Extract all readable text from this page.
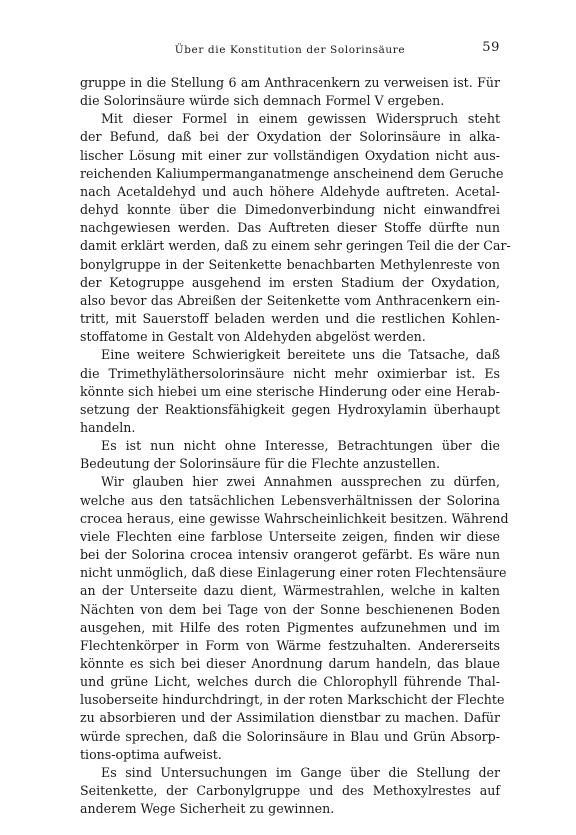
Über die Konstitution der Solorinsäure	59
gruppe in die Stellung 6 am Anthracenkern zu verweisen ist. Für
die Solorinsäure würde sich demnach Formel V ergeben.
Mit dieser Formel in einem gewissen Widerspruch steht
der Befund, daß bei der Oxydation der Solorinsäure in alka-
lischer Lösung mit einer zur vollständigen Oxydation nicht aus-
reichenden Kaliumpermanganatmenge anscheinend dem Geruche
nach Acetaldehyd und auch höhere Aldehyde auftreten. Acetal-
dehyd konnte über die Dimedonverbindung nicht einwandfrei
nachgewiesen werden. Das Auftreten dieser Stoffe dürfte nun
damit erklärt werden, daß zu einem sehr geringen Teil die der Car-
bonylgruppe in der Seitenkette benachbarten Methylenreste von
der Ketogruppe ausgehend im ersten Stadium der Oxydation,
also bevor das Abreißen der Seitenkette vom Anthracenkern ein-
tritt, mit Sauerstoff beladen werden und die restlichen Kohlen-
stoffatome in Gestalt von Aldehyden abgelöst werden.
Eine weitere Schwierigkeit bereitete uns die Tatsache, daß
die Trimethyläthersolorinsäure nicht mehr oximierbar ist. Es
könnte sich hiebei um eine sterische Hinderung oder eine Herab-
setzung der Reaktionsfähigkeit gegen Hydroxylamin überhaupt
handeln.
Es ist nun nicht ohne Interesse, Betrachtungen über die
Bedeutung der Solorinsäure für die Flechte anzustellen.
Wir glauben hier zwei Annahmen aussprechen zu dürfen,
welche aus den tatsächlichen Lebensverhältnissen der Solorina
crocea heraus, eine gewisse Wahrscheinlichkeit besitzen. Während
viele Flechten eine farblose Unterseite zeigen, finden wir diese
bei der Solorina crocea intensiv orangerot gefärbt. Es wäre nun
nicht unmöglich, daß diese Einlagerung einer roten Flechtensäure
an der Unterseite dazu dient, Wärmestrahlen, welche in kalten
Nächten von dem bei Tage von der Sonne beschienenen Boden
ausgehen, mit Hilfe des roten Pigmentes aufzunehmen und im
Flechtenkörper in Form von Wärme festzuhalten. Andererseits
könnte es sich bei dieser Anordnung darum handeln, das blaue
und grüne Licht, welches durch die Chlorophyll führende Thal-
lusoberseite hindurchdringt, in der roten Markschicht der Flechte
zu absorbieren und der Assimilation dienstbar zu machen. Dafür
würde sprechen, daß die Solorinsäure in Blau und Grün Absorp-
tions-optima aufweist.
Es sind Untersuchungen im Gange über die Stellung der
Seitenkette, der Carbonylgruppe und des Methoxylrestes auf
anderem Wege Sicherheit zu gewinnen.
